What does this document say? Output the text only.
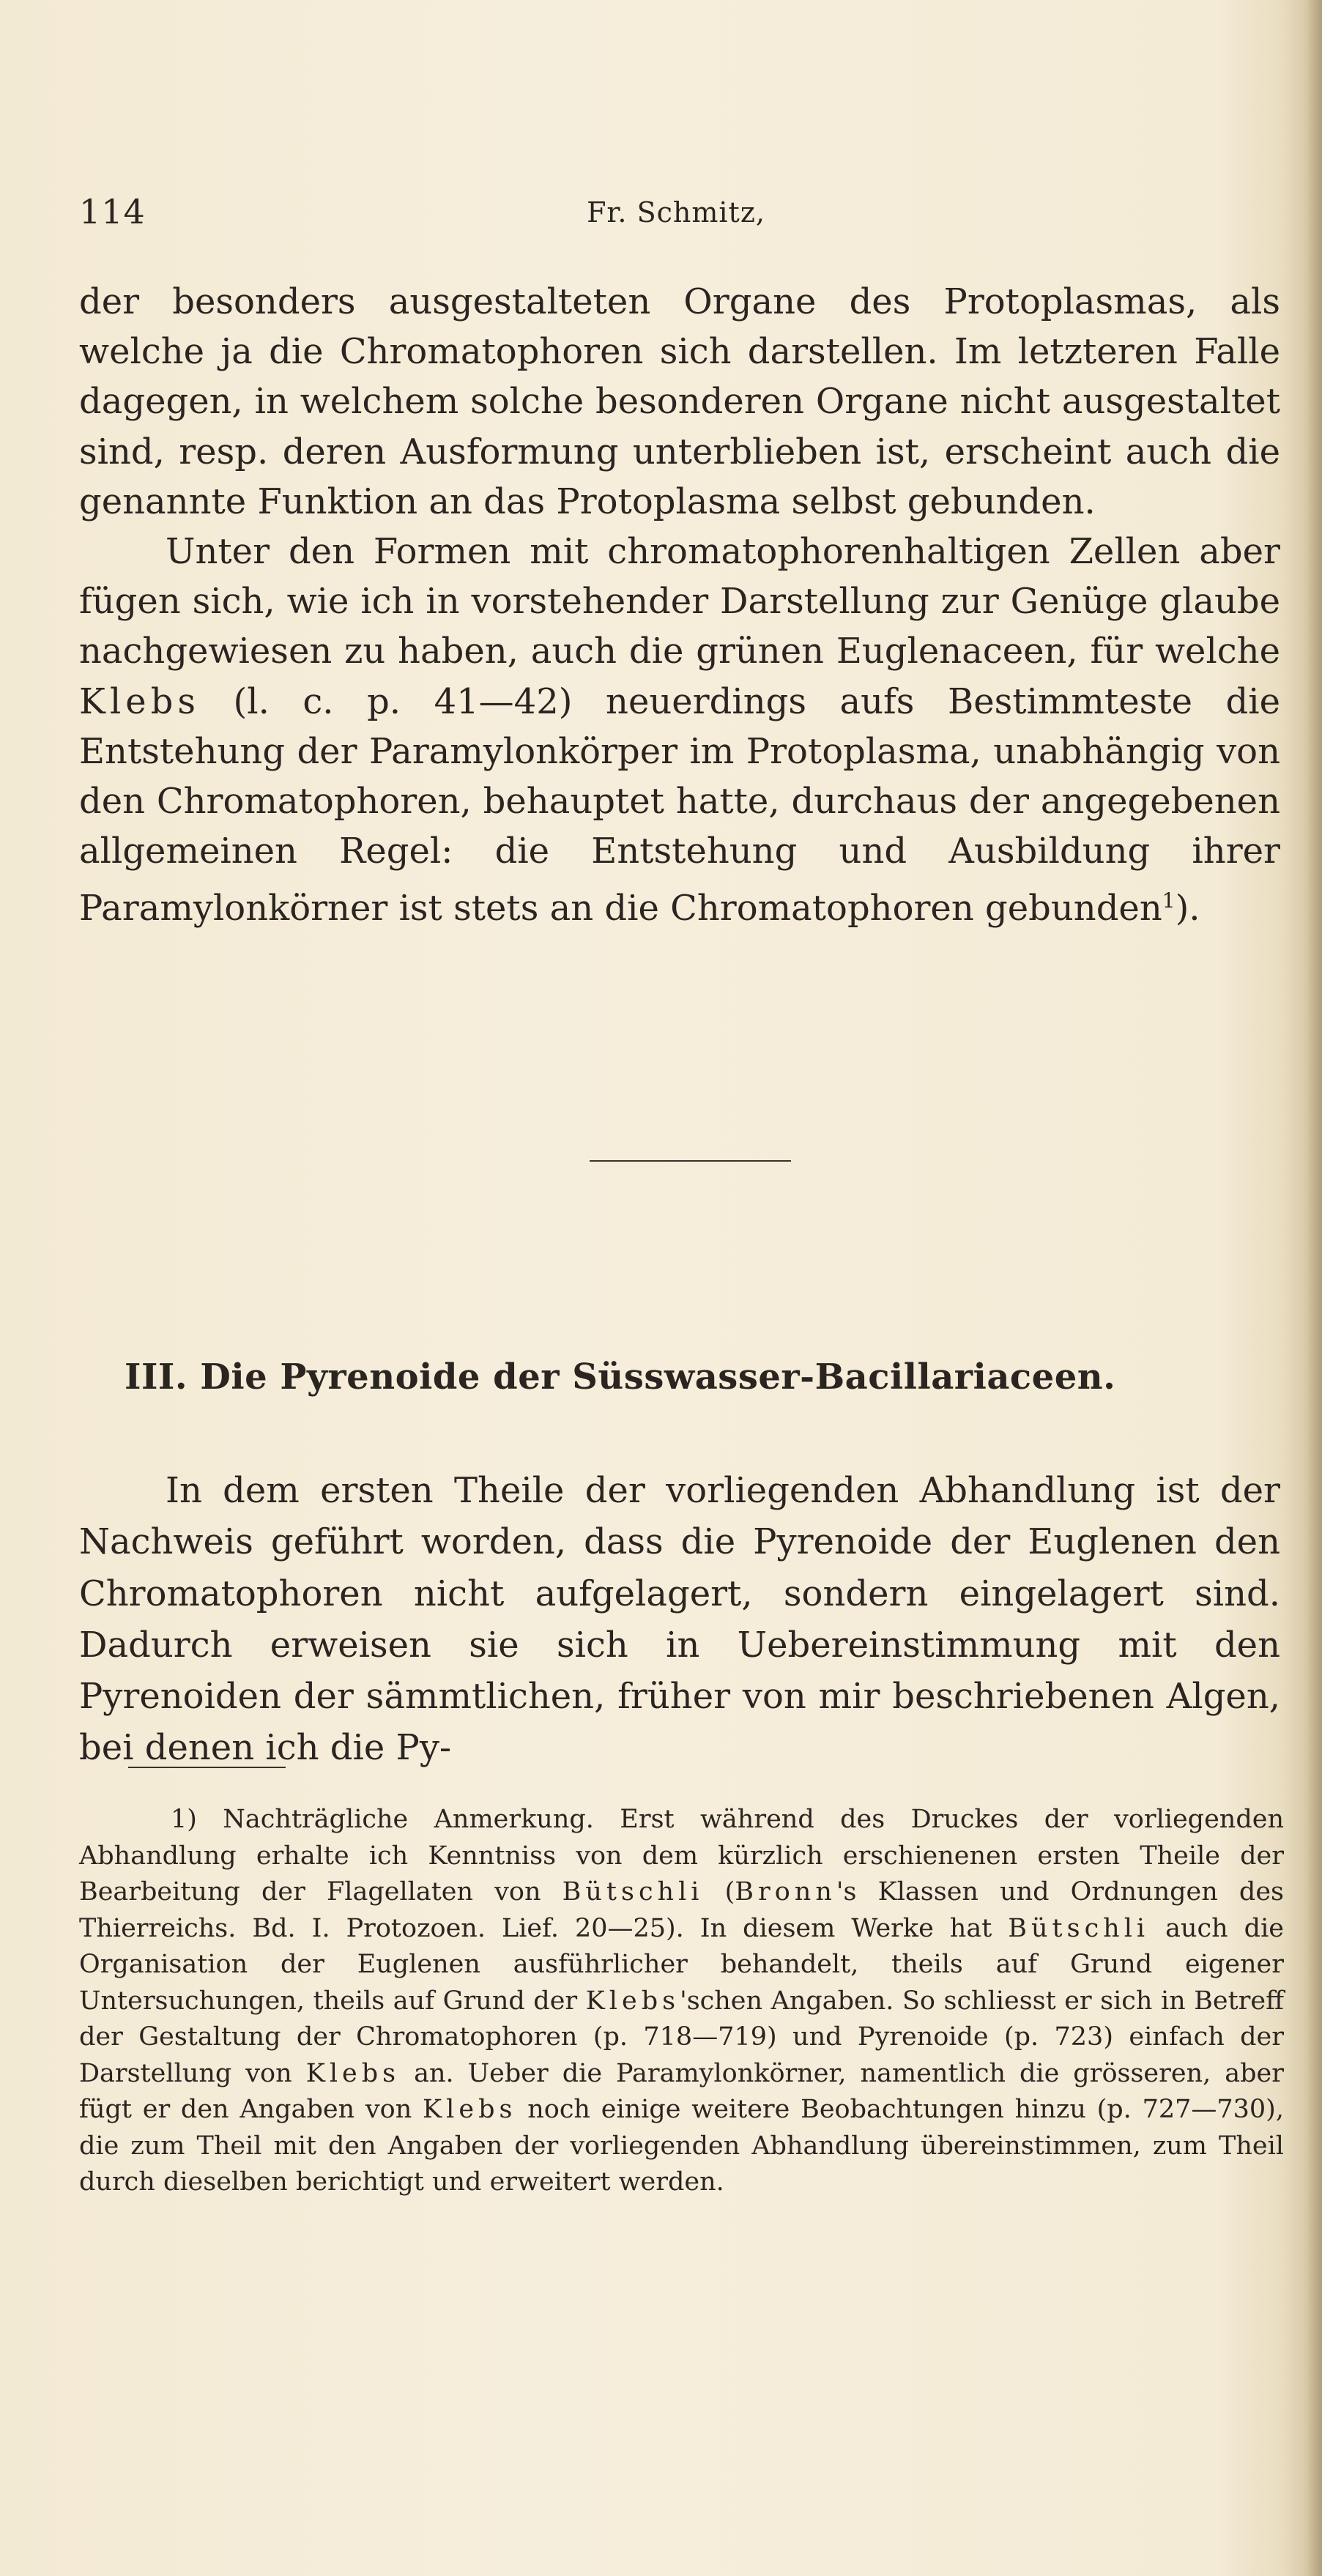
114	Fr. Schmitz,

der besonders ausgestalteten Organe des Protoplasmas, als welche ja die Chromatophoren sich darstellen. Im letzteren Falle dagegen, in welchem solche besonderen Organe nicht ausgestaltet sind, resp. deren Ausformung unterblieben ist, erscheint auch die genannte Funktion an das Protoplasma selbst gebunden.

Unter den Formen mit chromatophorenhaltigen Zellen aber fügen sich, wie ich in vorstehender Darstellung zur Genüge glaube nachgewiesen zu haben, auch die grünen Euglenaceen, für welche Klebs (l. c. p. 41—42) neuerdings aufs Bestimmteste die Entstehung der Paramylonkörper im Protoplasma, unabhängig von den Chromatophoren, behauptet hatte, durchaus der angegebenen allgemeinen Regel: die Entstehung und Ausbildung ihrer Paramylonkörner ist stets an die Chromatophoren gebunden$^1$).

III. Die Pyrenoide der Süsswasser-Bacillariaceen.

In dem ersten Theile der vorliegenden Abhandlung ist der Nachweis geführt worden, dass die Pyrenoide der Euglenen den Chromatophoren nicht aufgelagert, sondern eingelagert sind. Dadurch erweisen sie sich in Uebereinstimmung mit den Pyrenoiden der sämmtlichen, früher von mir beschriebenen Algen, bei denen ich die Py-

1) Nachträgliche Anmerkung. Erst während des Druckes der vorliegenden Abhandlung erhalte ich Kenntniss von dem kürzlich erschienenen ersten Theile der Bearbeitung der Flagellaten von Bütschli (Bronn's Klassen und Ordnungen des Thierreichs. Bd. I. Protozoen. Lief. 20—25). In diesem Werke hat Bütschli auch die Organisation der Euglenen ausführlicher behandelt, theils auf Grund eigener Untersuchungen, theils auf Grund der Klebs'schen Angaben. So schliesst er sich in Betreff der Gestaltung der Chromatophoren (p. 718—719) und Pyrenoide (p. 723) einfach der Darstellung von Klebs an. Ueber die Paramylonkörner, namentlich die grösseren, aber fügt er den Angaben von Klebs noch einige weitere Beobachtungen hinzu (p. 727—730), die zum Theil mit den Angaben der vorliegenden Abhandlung übereinstimmen, zum Theil durch dieselben berichtigt und erweitert werden.
